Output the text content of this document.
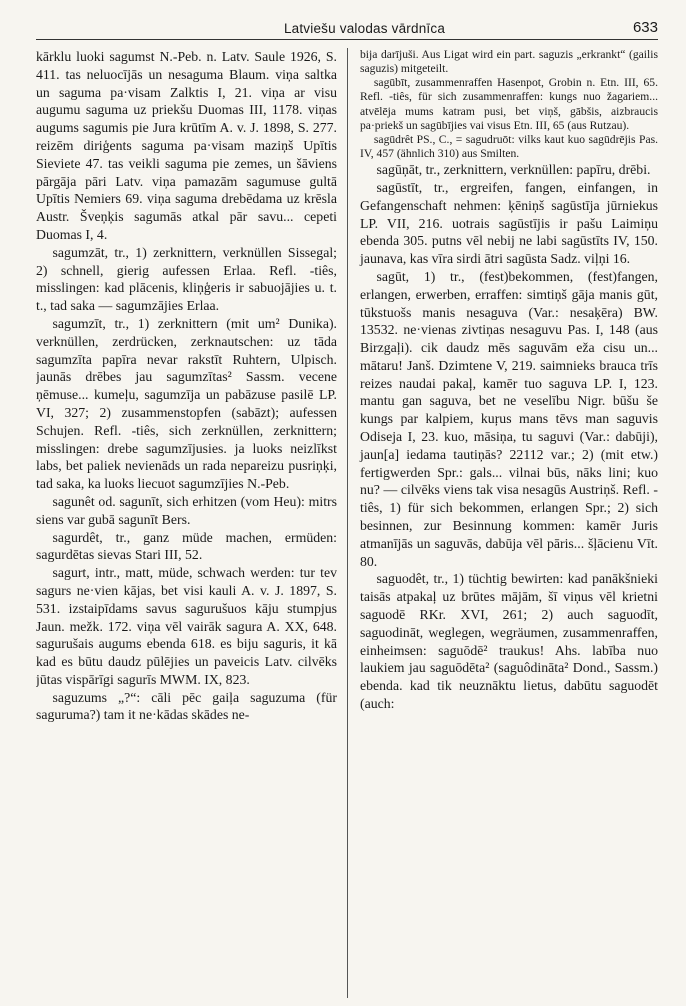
Latviešu valodas vārdnīca	633

kārklu luoki sagumst N.-Peb. n. Latv. Saule 1926, S. 411. tas neluocījās un nesaguma Blaum. viņa saltka un saguma pa·visam Zalktis I, 21. viņa ar visu augumu saguma uz priekšu Duomas III, 1178. viņas augums sagumis pie Jura krūtīm A. v. J. 1898, S. 277. reizēm diriģents saguma pa·visam maziņš Upītis Sieviete 47. tas veikli saguma pie zemes, un šāviens pārgāja pāri Latv. viņa pamazām sagumuse gultā Upītis Nemiers 69. viņa saguma drebēdama uz krēsla Austr. Šveņķis sagumās atkal pār savu... cepeti Duomas I, 4.

sagumzāt, tr., 1) zerknittern, verknüllen Sissegal; 2) schnell, gierig aufessen Erlaa. Refl. -tiês, misslingen: kad plācenis, kliņģeris ir sabuojājies u. t. t., tad saka — sagumzājies Erlaa.

sagumzīt, tr., 1) zerknittern (mit um² Dunika). verknüllen, zerdrücken, zerknautschen: uz tāda sagumzīta papīra nevar rakstīt Ruhtern, Ulpisch. jaunās drēbes jau sagumzītas² Sassm. vecene ņēmuse... kumeļu, sagumzīja un pabāzuse pasilē LP. VI, 327; 2) zusammenstopfen (sabāzt); aufessen Schujen. Refl. -tiês, sich zerknüllen, zerknittern; misslingen: drebe sagumzījusies. ja luoks neizlīkst labs, bet paliek nevienāds un rada nepareizu pusriņķi, tad saka, ka luoks liecuot sagumzījies N.-Peb.

sagunêt od. sagunīt, sich erhitzen (vom Heu): mitrs siens var gubā sagunīt Bers.

sagurdêt, tr., ganz müde machen, ermüden: sagurdētas sievas Stari III, 52.

sagurt, intr., matt, müde, schwach werden: tur tev sagurs ne·vien kājas, bet visi kauli A. v. J. 1897, S. 531. izstaipīdams savus sagurušuos kāju stumpjus Jaun. mežk. 172. viņa vēl vairāk sagura A. XX, 648. sagurušais augums ebenda 618. es biju saguris, it kā kad es būtu daudz pūlējies un paveicis Latv. cilvēks jūtas vispārīgi sagurīs MWM. IX, 823.

saguzums „?“: cāli pēc gaiļa saguzuma (für saguruma?) tam it ne·kādas skādes ne-

bija darījuši. Aus Ligat wird ein part. saguzis „erkrankt“ (gailis saguzis) mitgeteilt.

sagūbīt, zusammenraffen Hasenpot, Grobin n. Etn. III, 65. Refl. -tiês, für sich zusammenraffen: kungs nuo žagariem... atvēlēja mums katram pusi, bet viņš, gābšis, aizbraucis pa·priekš un sagūbījies vai visus Etn. III, 65 (aus Rutzau).

sagūdrêt PS., C., = sagudruōt: vilks kaut kuo sagūdrējis Pas. IV, 457 (ähnlich 310) aus Smilten.

sagūņāt, tr., zerknittern, verknüllen: papīru, drēbi.

sagūstīt, tr., ergreifen, fangen, einfangen, in Gefangenschaft nehmen: ķēniņš sagūstīja jūrniekus LP. VII, 216. uotrais sagūstījis ir pašu Laimiņu ebenda 305. putns vēl nebij ne labi sagūstīts IV, 150. jaunava, kas vīra sirdi ātri sagūsta Sadz. viļņi 16.

sagūt, 1) tr., (fest)bekommen, (fest)fangen, erlangen, erwerben, erraffen: simtiņš gāja manis gūt, tūkstuošs manis nesaguva (Var.: nesaķēra) BW. 13532. ne·vienas zivtiņas nesaguvu Pas. I, 148 (aus Birzgaļi). cik daudz mēs saguvām eža cisu un... mātaru! Janš. Dzimtene V, 219. saimnieks brauca trīs reizes naudai pakaļ, kamēr tuo saguva LP. I, 123. mantu gan saguva, bet ne veselību Nigr. būšu še kungs par kalpiem, kuŗus mans tēvs man saguvis Odiseja I, 23. kuo, māsiņa, tu saguvi (Var.: dabūji), jaun[a] iedama tautiņās? 22112 var.; 2) (mit etw.) fertigwerden Spr.: gals... vilnai būs, nāks lini; kuo nu? — cilvēks viens tak visa nesagūs Austriņš. Refl. -tiês, 1) für sich bekommen, erlangen Spr.; 2) sich besinnen, zur Besinnung kommen: kamēr Juris atmanījās un saguvās, dabūja vēl pāris... šļācienu Vīt. 80.

saguodêt, tr., 1) tüchtig bewirten: kad panākšnieki taisās atpakaļ uz brūtes mājām, šī viņus vēl krietni saguodē RKr. XVI, 261; 2) auch saguodīt, saguodināt, weglegen, wegräumen, zusammenraffen, einheimsen: saguōdē² traukus! Ahs. labība nuo laukiem jau saguōdēta² (saguôdināta² Dond., Sassm.) ebenda. kad tik neuznāktu lietus, dabūtu saguodēt (auch:
